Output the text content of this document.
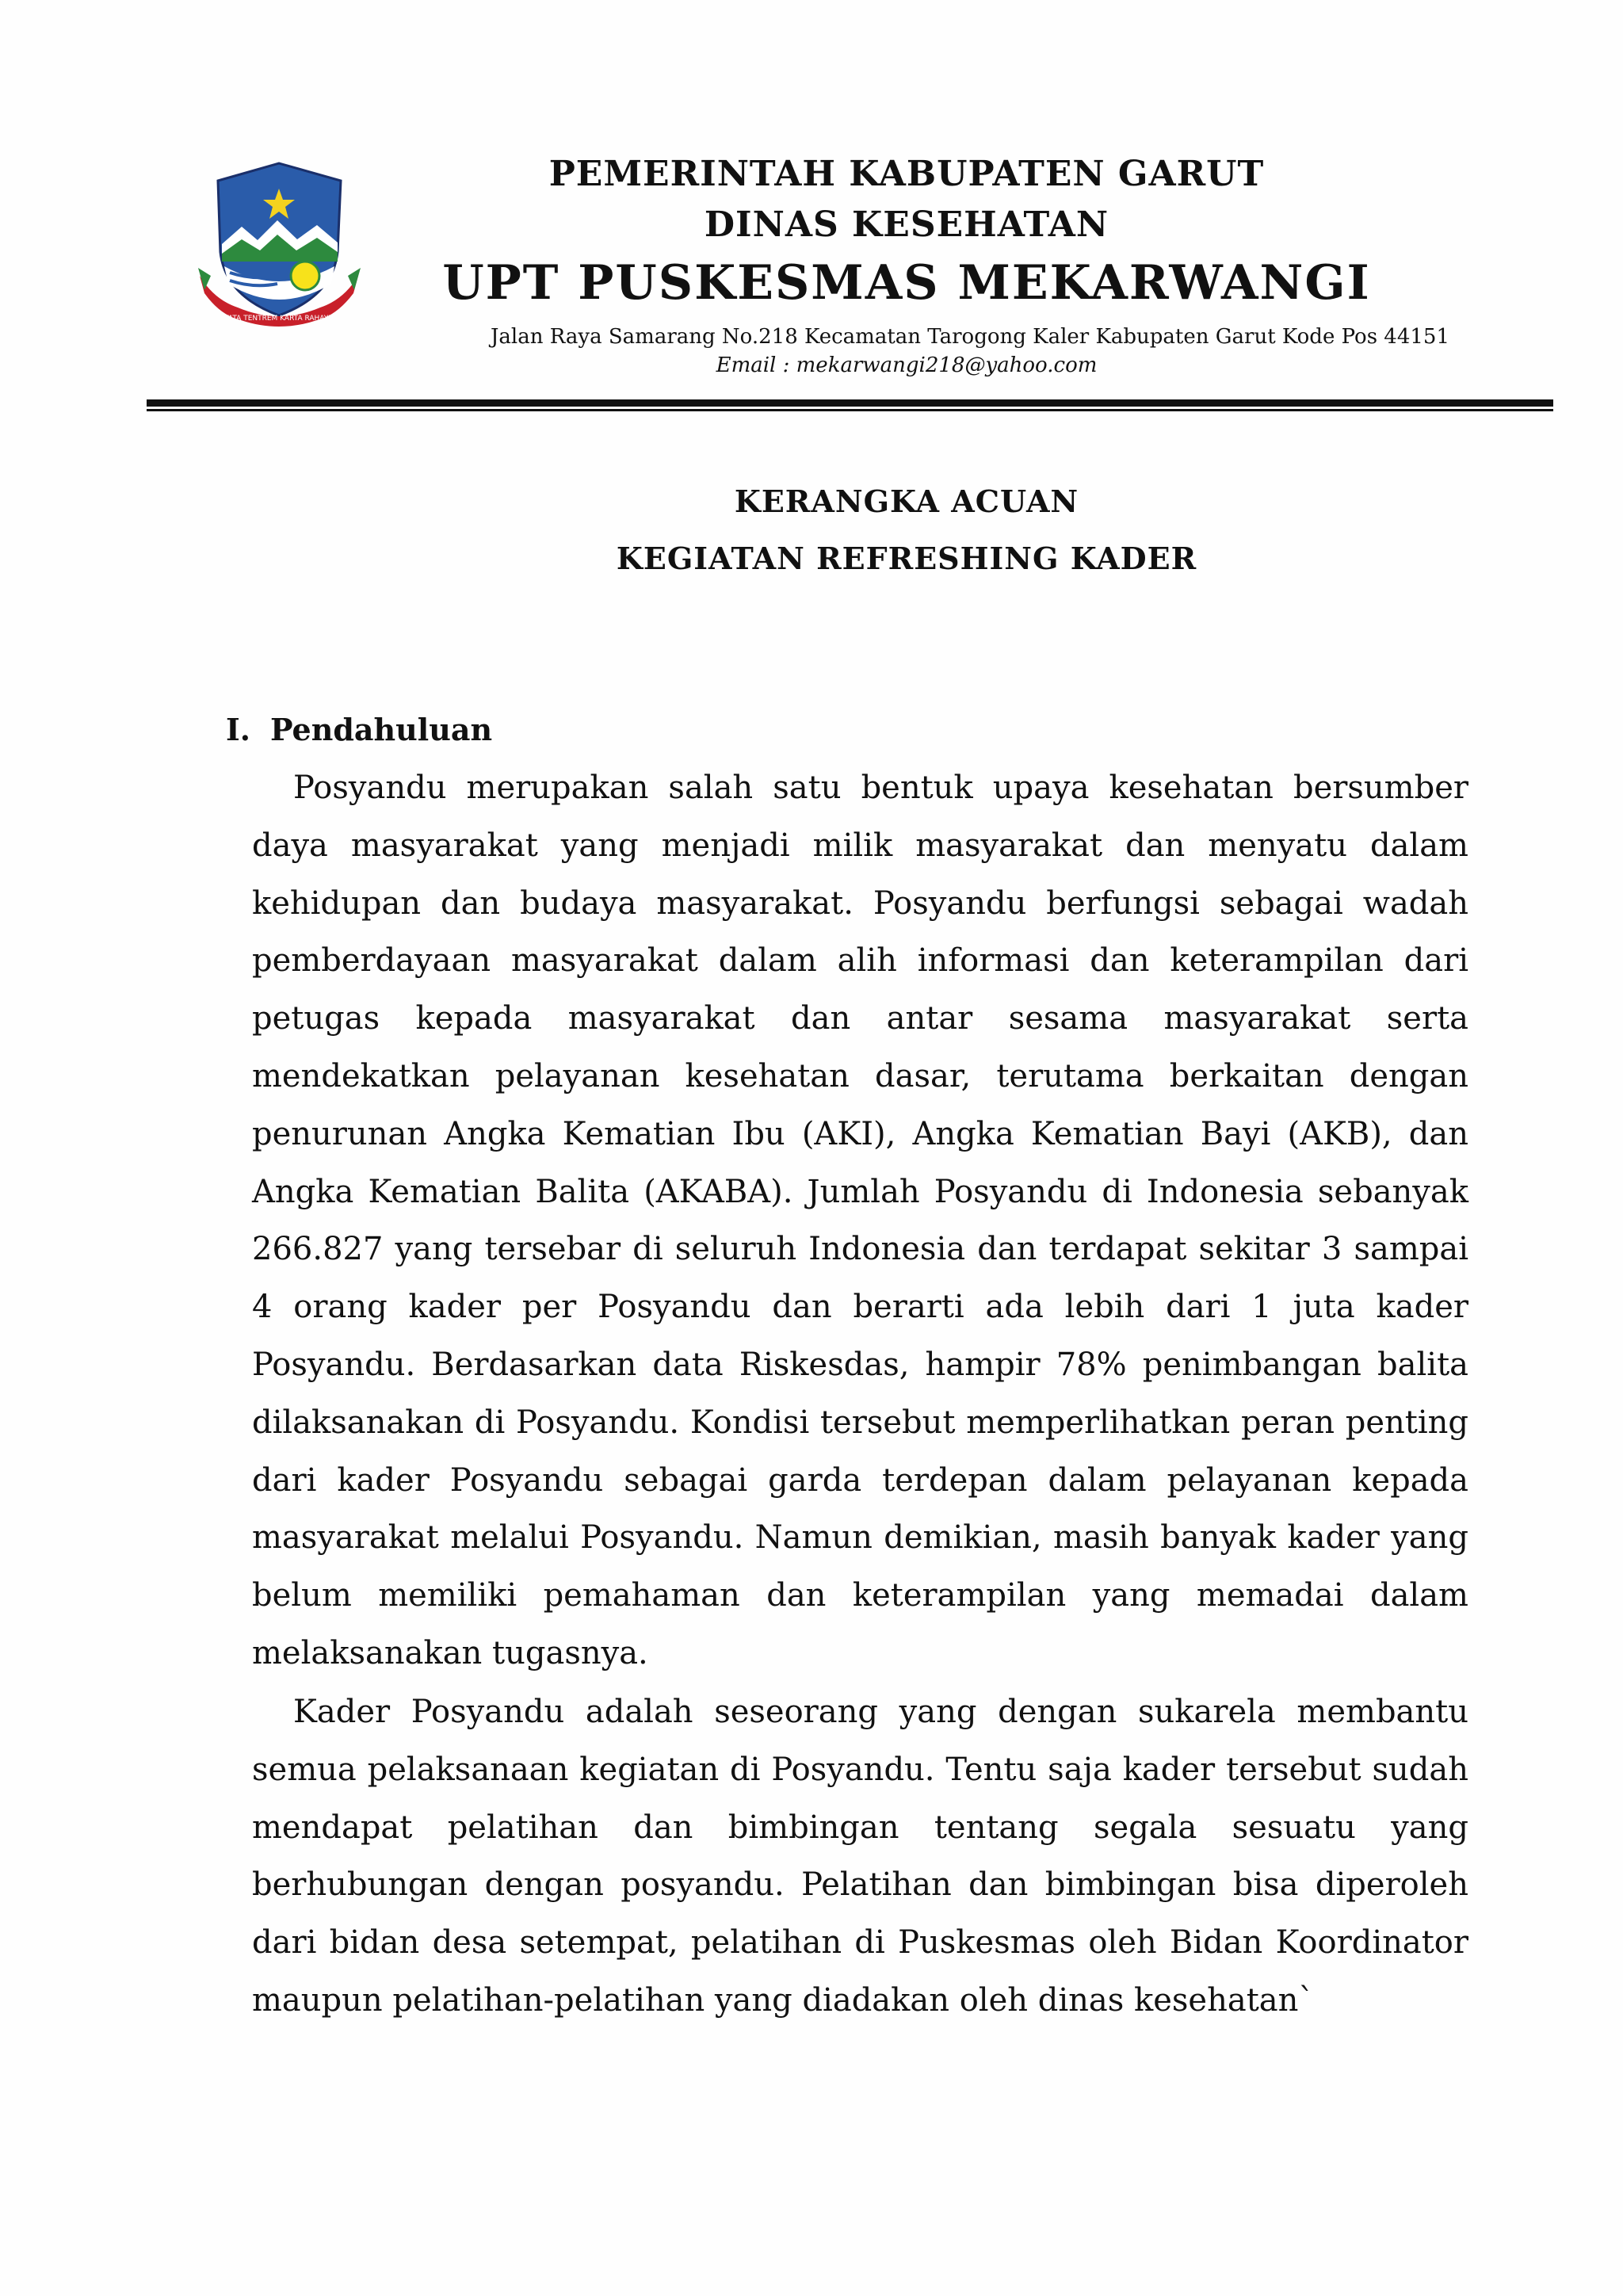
TATA TENTREM KARTA RAHAYU

PEMERINTAH KABUPATEN GARUT

DINAS KESEHATAN

UPT PUSKESMAS MEKARWANGI

Jalan Raya Samarang No.218 Kecamatan Tarogong Kaler Kabupaten Garut Kode Pos 44151

Email : mekarwangi218@yahoo.com

KERANGKA ACUAN

KEGIATAN REFRESHING KADER

I. Pendahuluan

Posyandu merupakan salah satu bentuk upaya kesehatan bersumber daya masyarakat yang menjadi milik masyarakat dan menyatu dalam kehidupan dan budaya masyarakat. Posyandu berfungsi sebagai wadah pemberdayaan masyarakat dalam alih informasi dan keterampilan dari petugas kepada masyarakat dan antar sesama masyarakat serta mendekatkan pelayanan kesehatan dasar, terutama berkaitan dengan penurunan Angka Kematian Ibu (AKI), Angka Kematian Bayi (AKB), dan Angka Kematian Balita (AKABA). Jumlah Posyandu di Indonesia sebanyak 266.827 yang tersebar di seluruh Indonesia dan terdapat sekitar 3 sampai 4 orang kader per Posyandu dan berarti ada lebih dari 1 juta kader Posyandu. Berdasarkan data Riskesdas, hampir 78% penimbangan balita dilaksanakan di Posyandu. Kondisi tersebut memperlihatkan peran penting dari kader Posyandu sebagai garda terdepan dalam pelayanan kepada masyarakat melalui Posyandu. Namun demikian, masih banyak kader yang belum memiliki pemahaman dan keterampilan yang memadai dalam melaksanakan tugasnya.

Kader Posyandu adalah seseorang yang dengan sukarela membantu semua pelaksanaan kegiatan di Posyandu. Tentu saja kader tersebut sudah mendapat pelatihan dan bimbingan tentang segala sesuatu yang berhubungan dengan posyandu. Pelatihan dan bimbingan bisa diperoleh dari bidan desa setempat, pelatihan di Puskesmas oleh Bidan Koordinator maupun pelatihan-pelatihan yang diadakan oleh dinas kesehatan`
